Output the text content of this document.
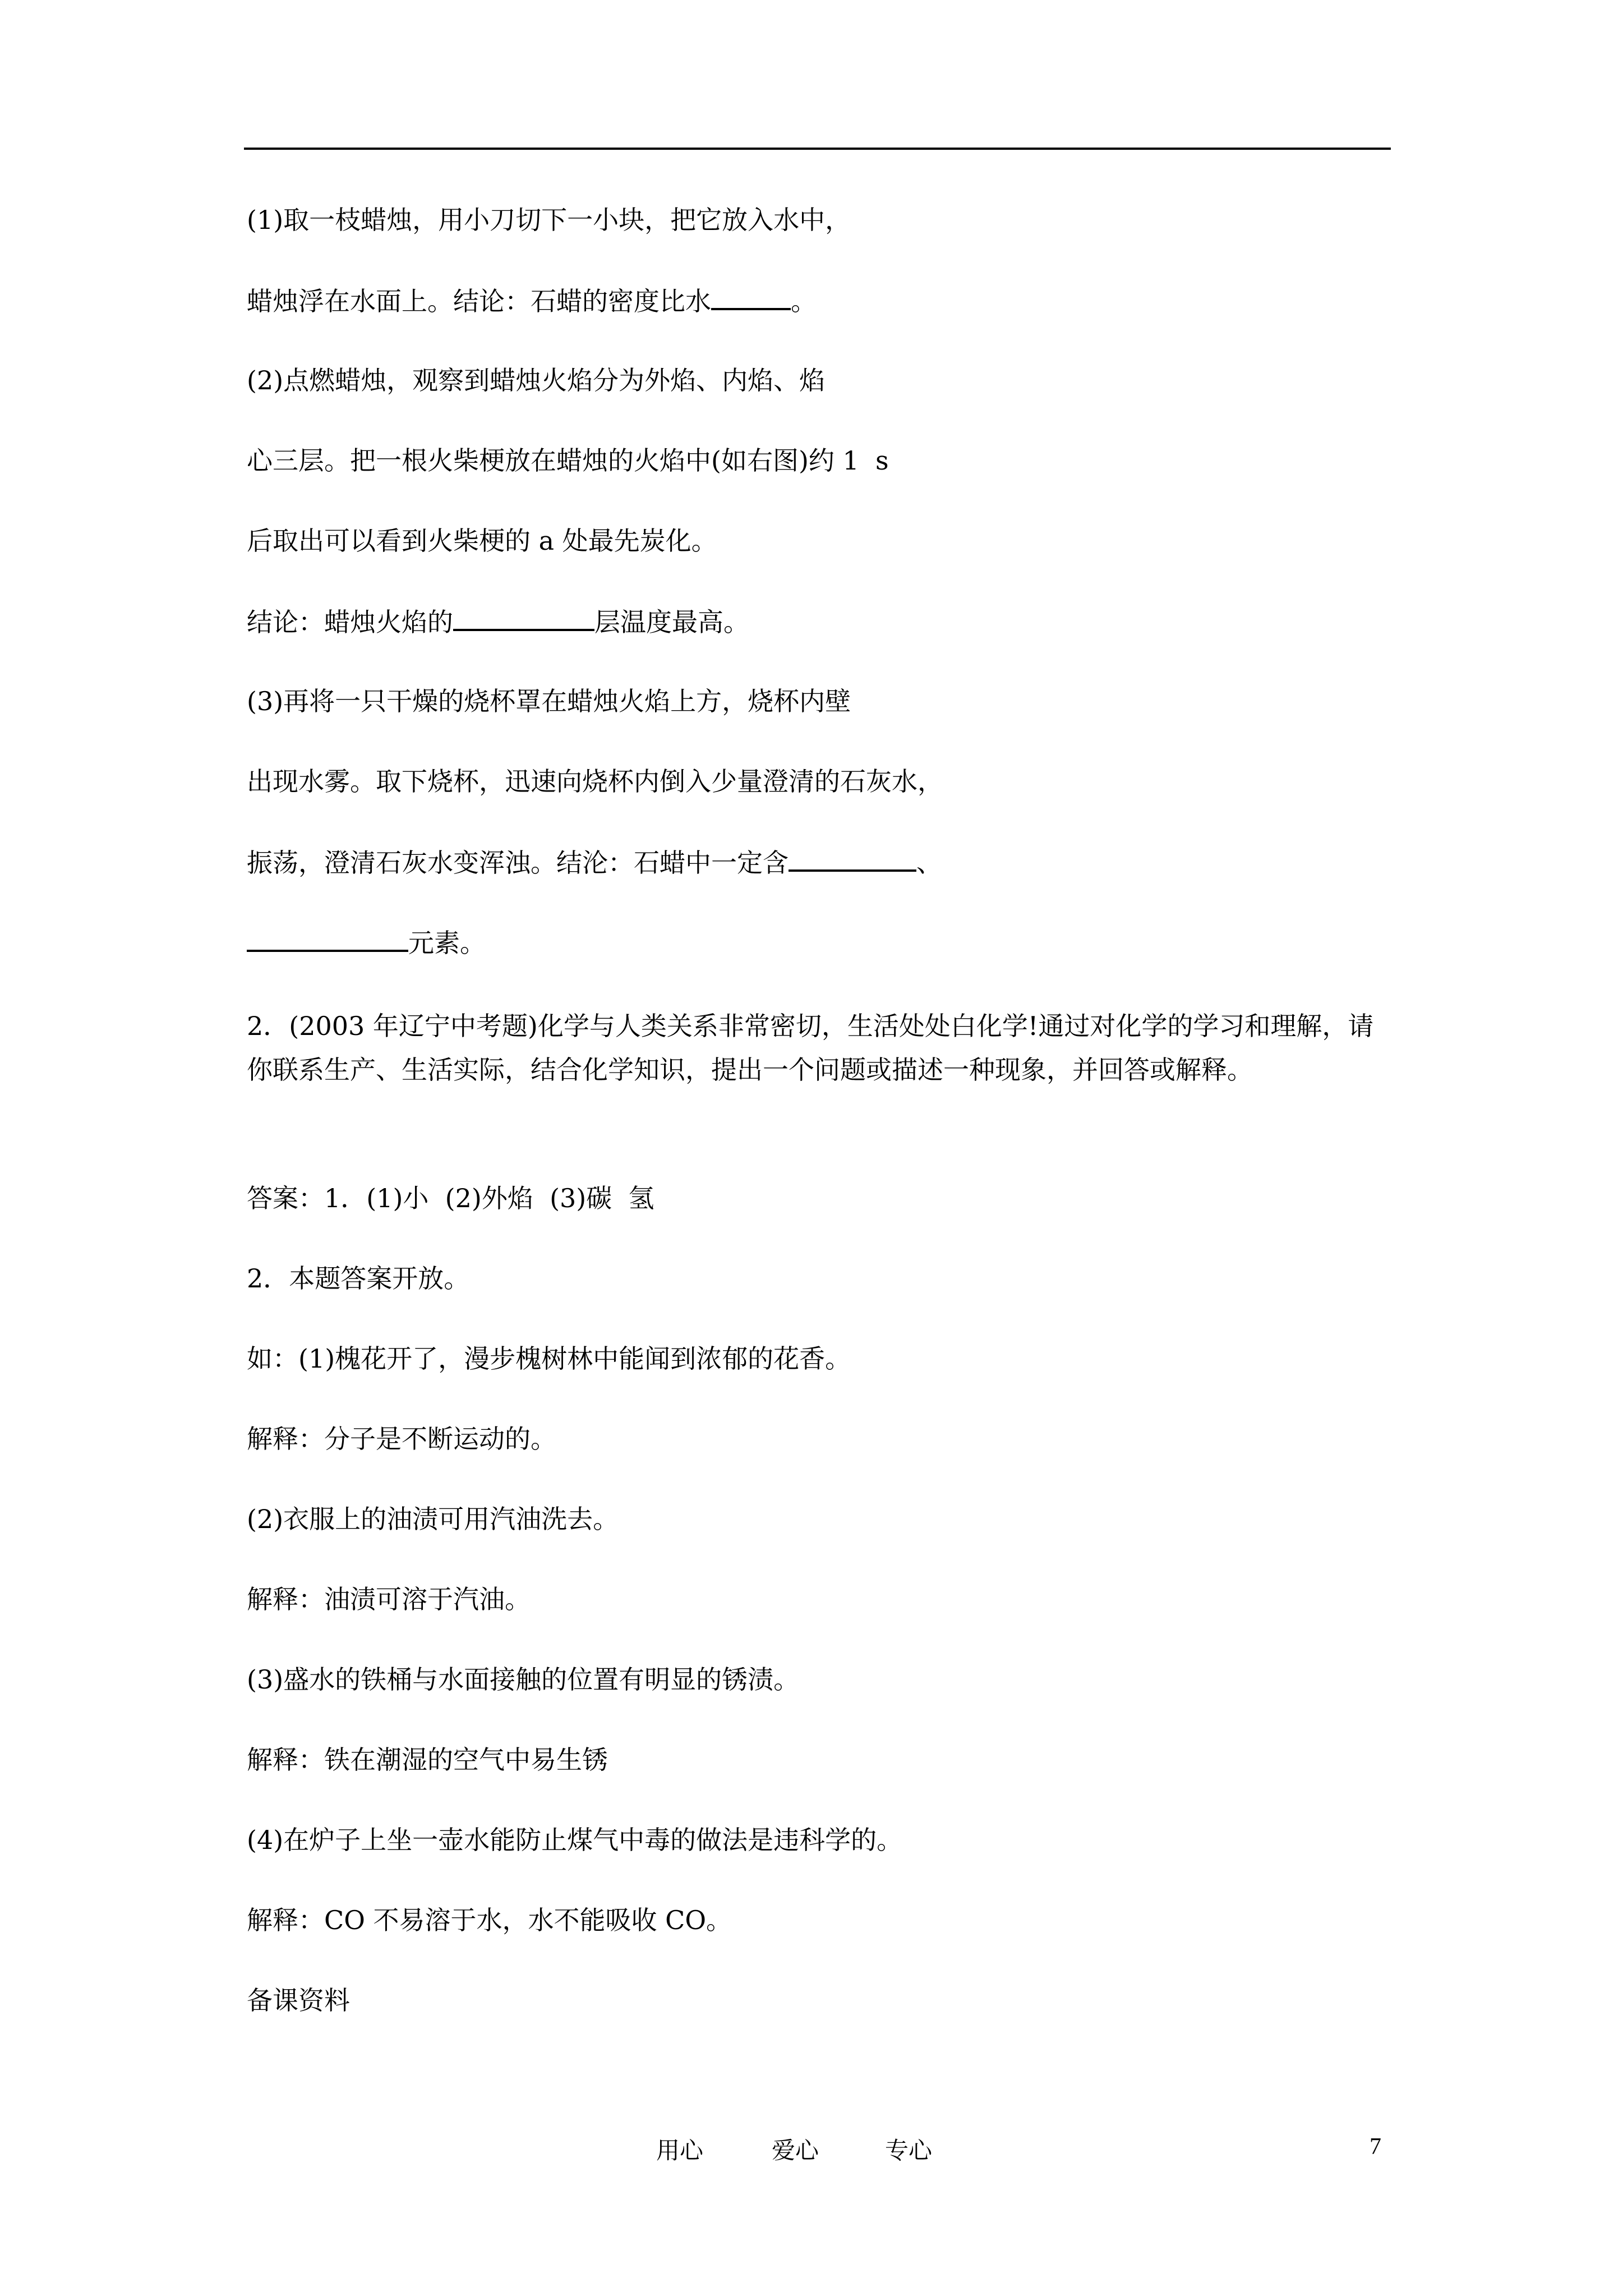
(1)取一枝蜡烛，用小刀切下一小块，把它放入水中，
蜡烛浮在水面上。结论：石蜡的密度比水	。
(2)点燃蜡烛，观察到蜡烛火焰分为外焰、内焰、焰
心三层。把一根火柴梗放在蜡烛的火焰中(如右图)约 1  s
后取出可以看到火柴梗的 a 处最先炭化。
结论：蜡烛火焰的	层温度最高。
(3)再将一只干燥的烧杯罩在蜡烛火焰上方，烧杯内壁
出现水雾。取下烧杯，迅速向烧杯内倒入少量澄清的石灰水，
振荡，澄清石灰水变浑浊。结沦：石蜡中一定含	、
元素。
2．(2003 年辽宁中考题)化学与人类关系非常密切，生活处处白化学!通过对化学的学习和理解，请你联系生产、生活实际，结合化学知识，提出一个问题或描述一种现象，并回答或解释。
答案：1．(1)小  (2)外焰  (3)碳  氢
2．本题答案开放。
如：(1)槐花开了，漫步槐树林中能闻到浓郁的花香。
解释：分子是不断运动的。
(2)衣服上的油渍可用汽油洗去。
解释：油渍可溶于汽油。
(3)盛水的铁桶与水面接触的位置有明显的锈渍。
解释：铁在潮湿的空气中易生锈
(4)在炉子上坐一壶水能防止煤气中毒的做法是违科学的。
解释：CO 不易溶于水，水不能吸收 CO。
备课资料
用心	爱心	专心	7
